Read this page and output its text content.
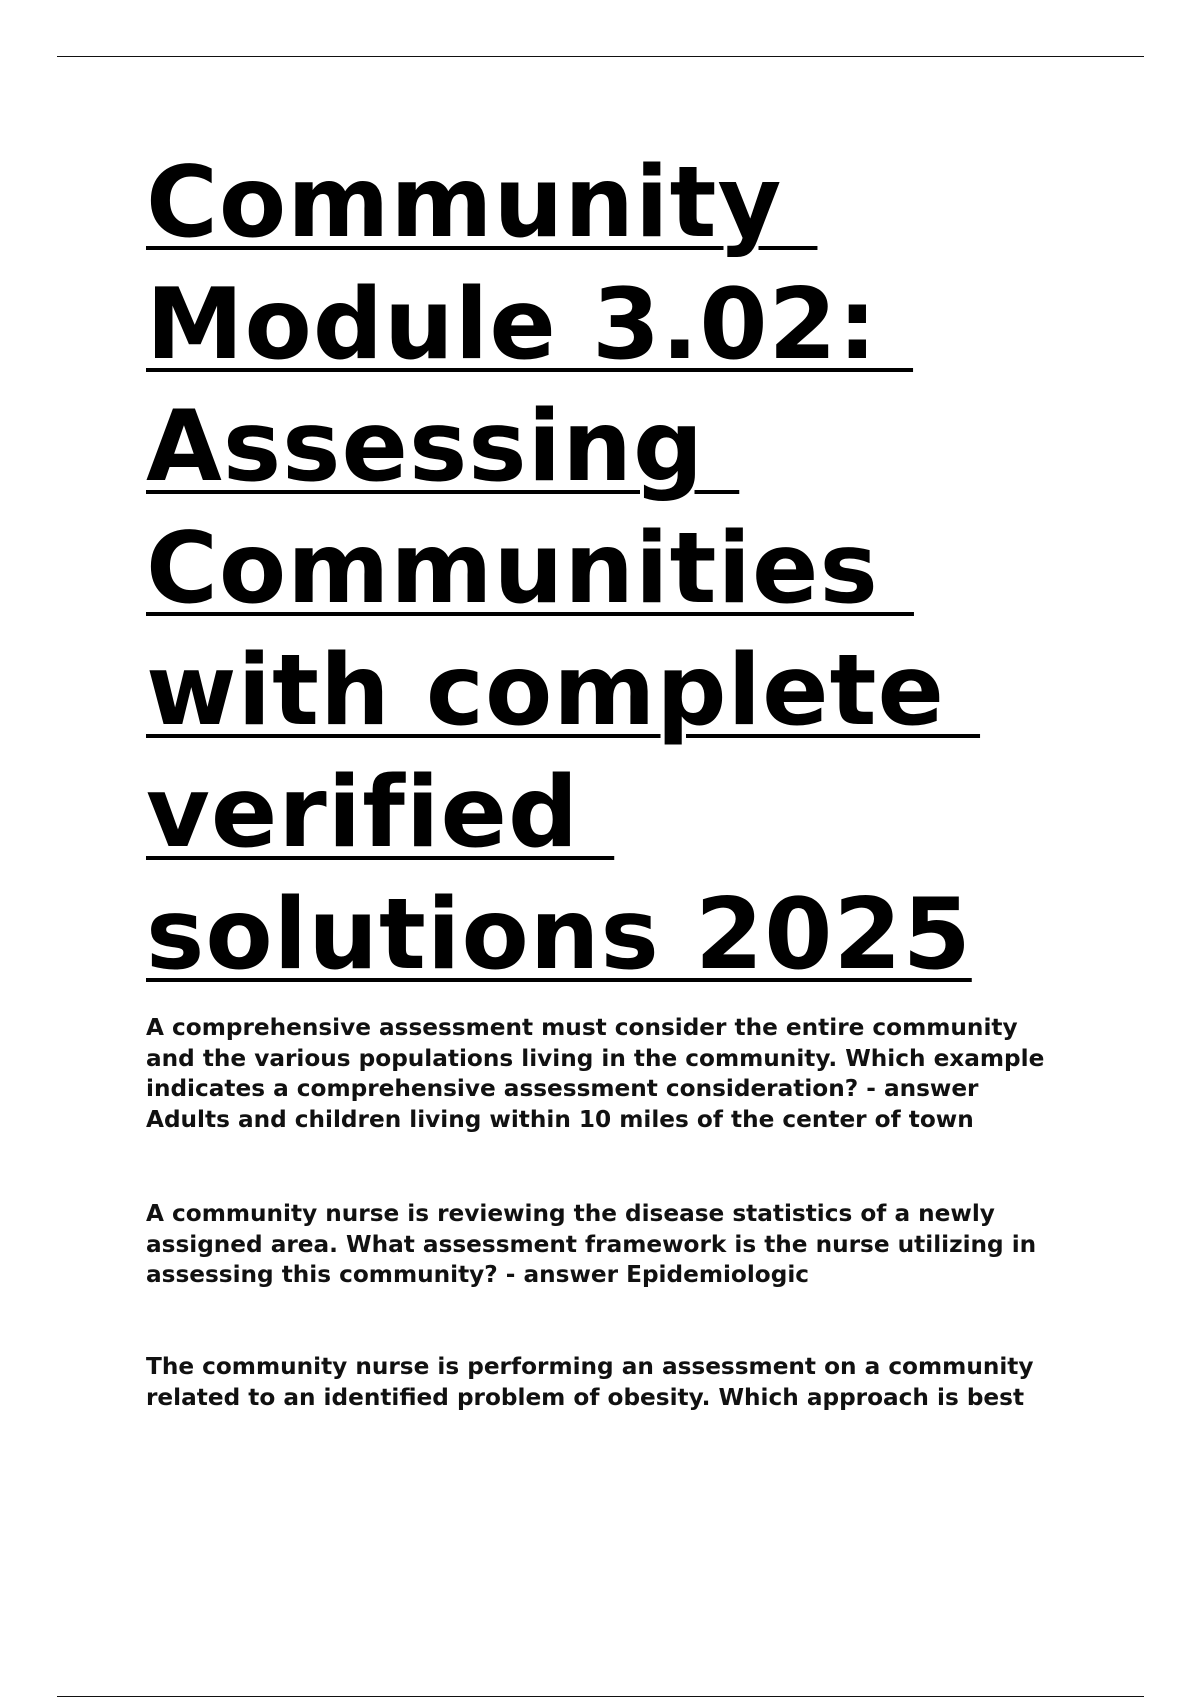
Community
Module 3.02:
Assessing
Communities
with complete
verified
solutions 2025

A comprehensive assessment must consider the entire community
and the various populations living in the community. Which example
indicates a comprehensive assessment consideration? - answer
Adults and children living within 10 miles of the center of town

A community nurse is reviewing the disease statistics of a newly
assigned area. What assessment framework is the nurse utilizing in
assessing this community? - answer Epidemiologic

The community nurse is performing an assessment on a community
related to an identified problem of obesity. Which approach is best
